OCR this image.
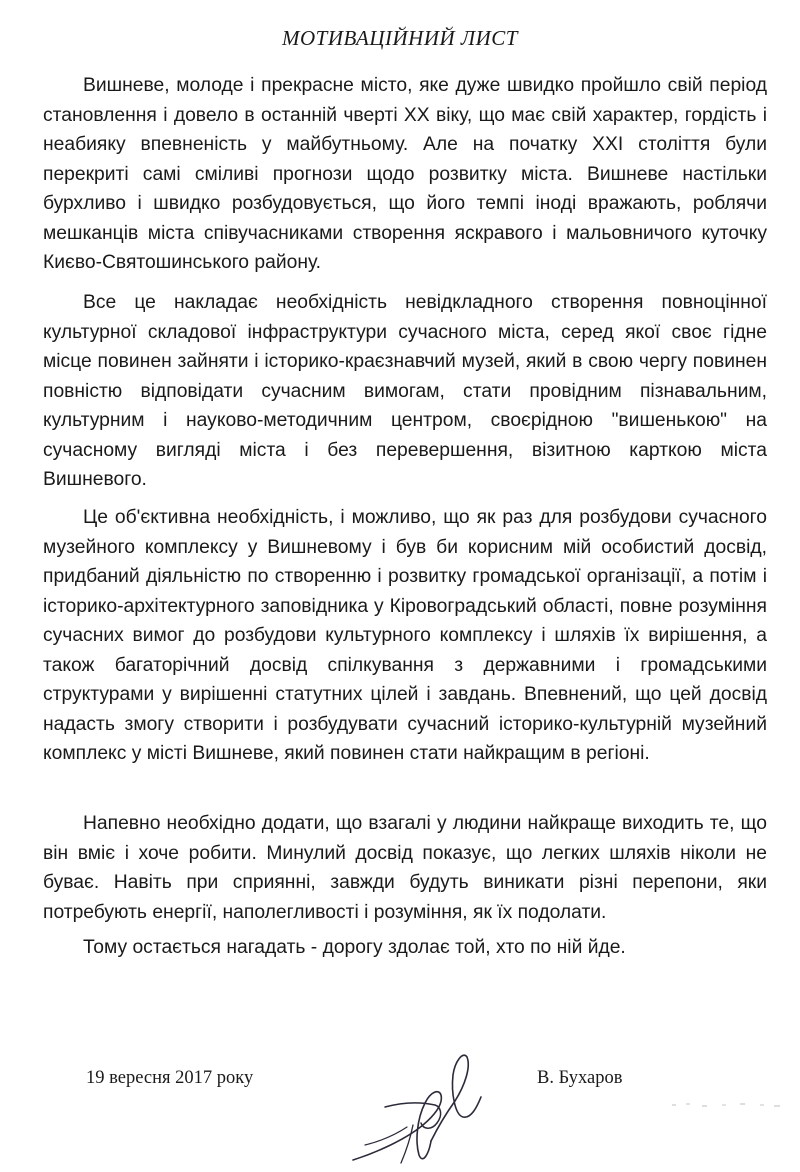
МОТИВАЦІЙНИЙ ЛИСТ

Вишневе, молоде і прекрасне місто, яке дуже швидко пройшло свій період становлення і довело в останній чверті XX віку, що має свій характер, гордість і неабияку впевненість у майбутньому. Але на початку XXI століття були перекриті самі сміливі прогнози щодо розвитку міста. Вишневе настільки бурхливо і швидко розбудовується, що його темпі іноді вражають, роблячи мешканців міста співучасниками створення яскравого і мальовничого куточку Києво-Святошинського району.

Все це накладає необхідність невідкладного створення повноцінної культурної складової інфраструктури сучасного міста, серед якої своє гідне місце повинен зайняти і історико-краєзнавчий музей, який в свою чергу повинен повністю відповідати сучасним вимогам, стати провідним пізнавальним, культурним і науково-методичним центром, своєрідною "вишенькою" на сучасному вигляді міста і без перевершення, візитною карткою міста Вишневого.

Це об'єктивна необхідність, і можливо, що як раз для розбудови сучасного музейного комплексу у Вишневому і був би корисним мій особистий досвід, придбаний діяльністю по створенню і розвитку громадської організації, а потім і історико-архітектурного заповідника у Кіровоградський області, повне розуміння сучасних вимог до розбудови культурного комплексу і шляхів їх вирішення, а також багаторічний досвід спілкування з державними і громадськими структурами у вирішенні статутних цілей і завдань. Впевнений, що цей досвід надасть змогу створити і розбудувати сучасний історико-культурній музейний комплекс у місті Вишневе, який повинен стати найкращим в регіоні.

Напевно необхідно додати, що взагалі у людини найкраще виходить те, що він вміє і хоче робити. Минулий досвід показує, що легких шляхів ніколи не буває. Навіть при сприянні, завжди будуть виникати різні перепони, яки потребують енергії, наполегливості і розуміння, як їх подолати.

Тому остається нагадать - дорогу здолає той, хто по ній йде.

19 вересня 2017 року	В. Бухаров
